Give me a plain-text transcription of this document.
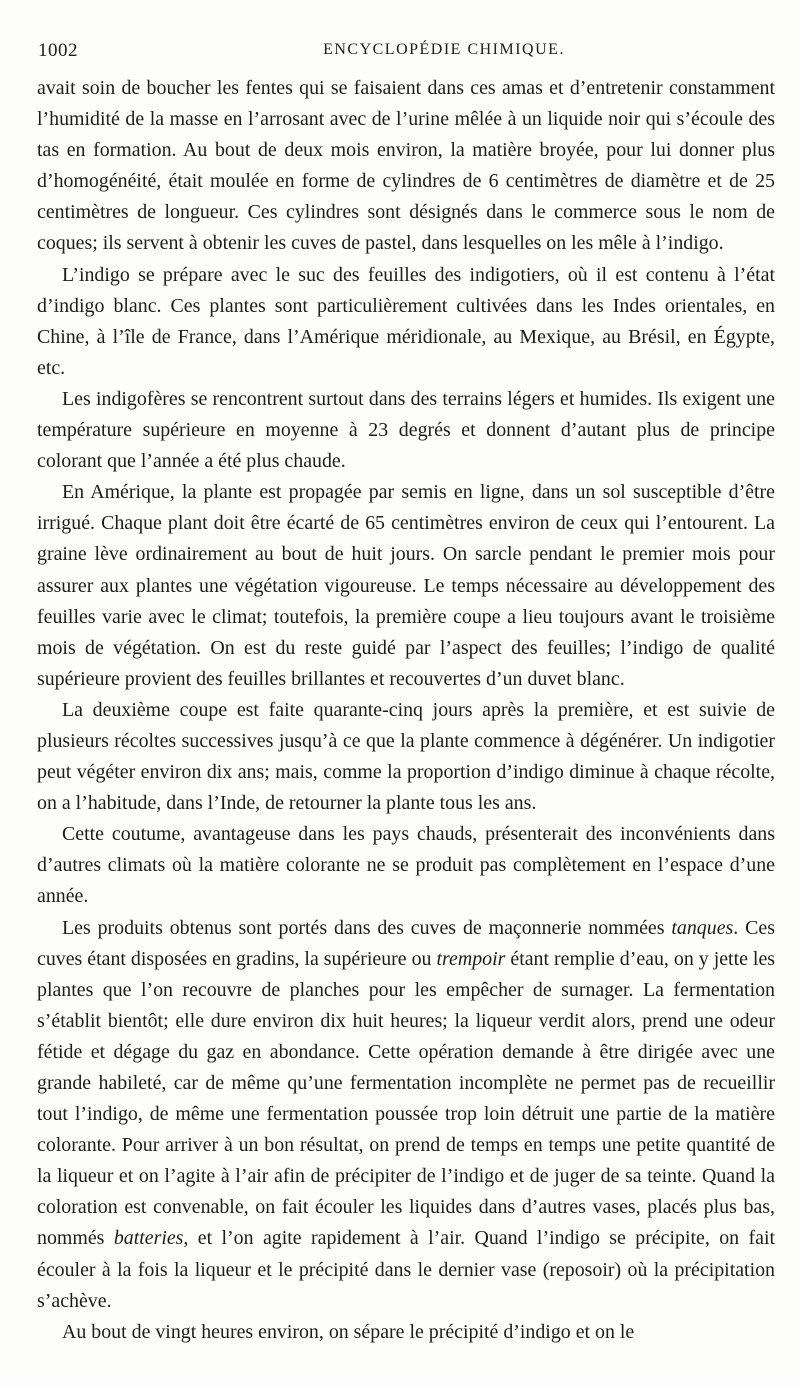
1002	ENCYCLOPÉDIE CHIMIQUE.

avait soin de boucher les fentes qui se faisaient dans ces amas et d’entretenir constamment l’humidité de la masse en l’arrosant avec de l’urine mêlée à un liquide noir qui s’écoule des tas en formation. Au bout de deux mois environ, la matière broyée, pour lui donner plus d’homogénéité, était moulée en forme de cylindres de 6 centimètres de diamètre et de 25 centimètres de longueur. Ces cylindres sont désignés dans le commerce sous le nom de coques; ils servent à obtenir les cuves de pastel, dans lesquelles on les mêle à l’indigo.

L’indigo se prépare avec le suc des feuilles des indigotiers, où il est contenu à l’état d’indigo blanc. Ces plantes sont particulièrement cultivées dans les Indes orientales, en Chine, à l’île de France, dans l’Amérique méridionale, au Mexique, au Brésil, en Égypte, etc.

Les indigofères se rencontrent surtout dans des terrains légers et humides. Ils exigent une température supérieure en moyenne à 23 degrés et donnent d’autant plus de principe colorant que l’année a été plus chaude.

En Amérique, la plante est propagée par semis en ligne, dans un sol susceptible d’être irrigué. Chaque plant doit être écarté de 65 centimètres environ de ceux qui l’entourent. La graine lève ordinairement au bout de huit jours. On sarcle pendant le premier mois pour assurer aux plantes une végétation vigoureuse. Le temps nécessaire au développement des feuilles varie avec le climat; toutefois, la première coupe a lieu toujours avant le troisième mois de végétation. On est du reste guidé par l’aspect des feuilles; l’indigo de qualité supérieure provient des feuilles brillantes et recouvertes d’un duvet blanc.

La deuxième coupe est faite quarante-cinq jours après la première, et est suivie de plusieurs récoltes successives jusqu’à ce que la plante commence à dégénérer. Un indigotier peut végéter environ dix ans; mais, comme la proportion d’indigo diminue à chaque récolte, on a l’habitude, dans l’Inde, de retourner la plante tous les ans.

Cette coutume, avantageuse dans les pays chauds, présenterait des inconvénients dans d’autres climats où la matière colorante ne se produit pas complètement en l’espace d’une année.

Les produits obtenus sont portés dans des cuves de maçonnerie nommées tanques. Ces cuves étant disposées en gradins, la supérieure ou trempoir étant remplie d’eau, on y jette les plantes que l’on recouvre de planches pour les empêcher de surnager. La fermentation s’établit bientôt; elle dure environ dix huit heures; la liqueur verdit alors, prend une odeur fétide et dégage du gaz en abondance. Cette opération demande à être dirigée avec une grande habileté, car de même qu’une fermentation incomplète ne permet pas de recueillir tout l’indigo, de même une fermentation poussée trop loin détruit une partie de la matière colorante. Pour arriver à un bon résultat, on prend de temps en temps une petite quantité de la liqueur et on l’agite à l’air afin de précipiter de l’indigo et de juger de sa teinte. Quand la coloration est convenable, on fait écouler les liquides dans d’autres vases, placés plus bas, nommés batteries, et l’on agite rapidement à l’air. Quand l’indigo se précipite, on fait écouler à la fois la liqueur et le précipité dans le dernier vase (reposoir) où la précipitation s’achève.

Au bout de vingt heures environ, on sépare le précipité d’indigo et on le
